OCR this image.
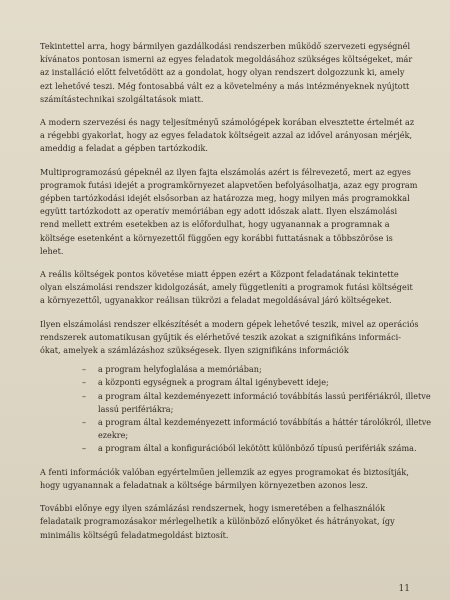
Tekintettel arra, hogy bármilyen gazdálkodási rendszerben működő szervezeti egységnél
kívánatos pontosan ismerni az egyes feladatok megoldásához szükséges költségeket, már
az installáció előtt felvetődött az a gondolat, hogy olyan rendszert dolgozzunk ki, amely
ezt lehetővé teszi. Még fontosabbá vált ez a követelmény a más intézményeknek nyújtott
számítástechnikai szolgáltatások miatt.

A modern szervezési és nagy teljesítményű számológépek korában elvesztette értelmét az
a régebbi gyakorlat, hogy az egyes feladatok költségeit azzal az idővel arányosan mérjék,
ameddig a feladat a gépben tartózkodik.

Multiprogramozású gépeknél az ilyen fajta elszámolás azért is félrevezető, mert az egyes
programok futási idejét a programkörnyezet alapvetően befolyásolhatja, azaz egy program
gépben tartózkodási idejét elsősorban az határozza meg, hogy milyen más programokkal
együtt tartózkodott az operatív memóriában egy adott időszak alatt. Ilyen elszámolási
rend mellett extrém esetekben az is előfordulhat, hogy ugyanannak a programnak a
költsége esetenként a környezettől függően egy korábbi futtatásnak a többszöröse is
lehet.

A reális költségek pontos követése miatt éppen ezért a Központ feladatának tekintette
olyan elszámolási rendszer kidolgozását, amely függetleníti a programok futási költségeit
a környezettől, ugyanakkor reálisan tükrözi a feladat megoldásával járó költségeket.

Ilyen elszámolási rendszer elkészítését a modern gépek lehetővé teszik, mivel az operációs
rendszerek automatikusan gyűjtik és elérhetővé teszik azokat a szignifikáns informáci-
ókat, amelyek a számlázáshoz szükségesek. Ilyen szignifikáns információk

–	a program helyfoglalása a memóriában;
–	a központi egységnek a program által igénybevett ideje;
–	a program által kezdeményezett információ továbbítás lassú perifériákról, illetve
lassú perifériákra;
–	a program által kezdeményezett információ továbbítás a háttér tárolókról, illetve
ezekre;
–	a program által a konfigurációból lekötött különböző típusú perifériák száma.

A fenti információk valóban egyértelműen jellemzik az egyes programokat és biztosítják,
hogy ugyanannak a feladatnak a költsége bármilyen környezetben azonos lesz.

További előnye egy ilyen számlázási rendszernek, hogy ismeretében a felhasználók
feladataik programozásakor mérlegelhetik a különböző előnyöket és hátrányokat, így
minimális költségű feladatmegoldást biztosít.

11
